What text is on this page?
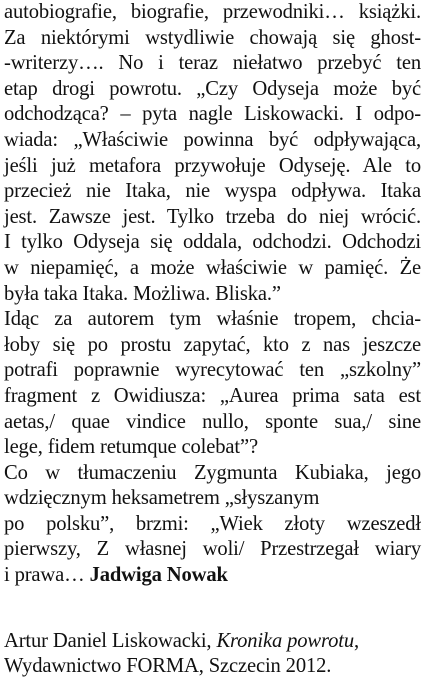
autobiografie, biografie, przewodniki… książki.
Za niektórymi wstydliwie chowają się ghost-
-writerzy…. No i teraz niełatwo przebyć ten
etap drogi powrotu. „Czy Odyseja może być
odchodząca? – pyta nagle Liskowacki. I odpo-
wiada: „Właściwie powinna być odpływająca,
jeśli już metafora przywołuje Odyseję. Ale to
przecież nie Itaka, nie wyspa odpływa. Itaka
jest. Zawsze jest. Tylko trzeba do niej wrócić.
I tylko Odyseja się oddala, odchodzi. Odchodzi
w niepamięć, a może właściwie w pamięć. Że
była taka Itaka. Możliwa. Bliska.”
Idąc za autorem tym właśnie tropem, chcia-
łoby się po prostu zapytać, kto z nas jeszcze
potrafi poprawnie wyrecytować ten „szkolny”
fragment z Owidiusza: „Aurea prima sata est
aetas,/ quae vindice nullo, sponte sua,/ sine
lege, fidem retumque colebat”?
Co w tłumaczeniu Zygmunta Kubiaka, jego
wdzięcznym heksametrem „słyszanym
po polsku”, brzmi: „Wiek złoty wzeszedł
pierwszy, Z własnej woli/ Przestrzegał wiary
i prawa… Jadwiga Nowak
Artur Daniel Liskowacki, Kronika powrotu,
Wydawnictwo FORMA, Szczecin 2012.
